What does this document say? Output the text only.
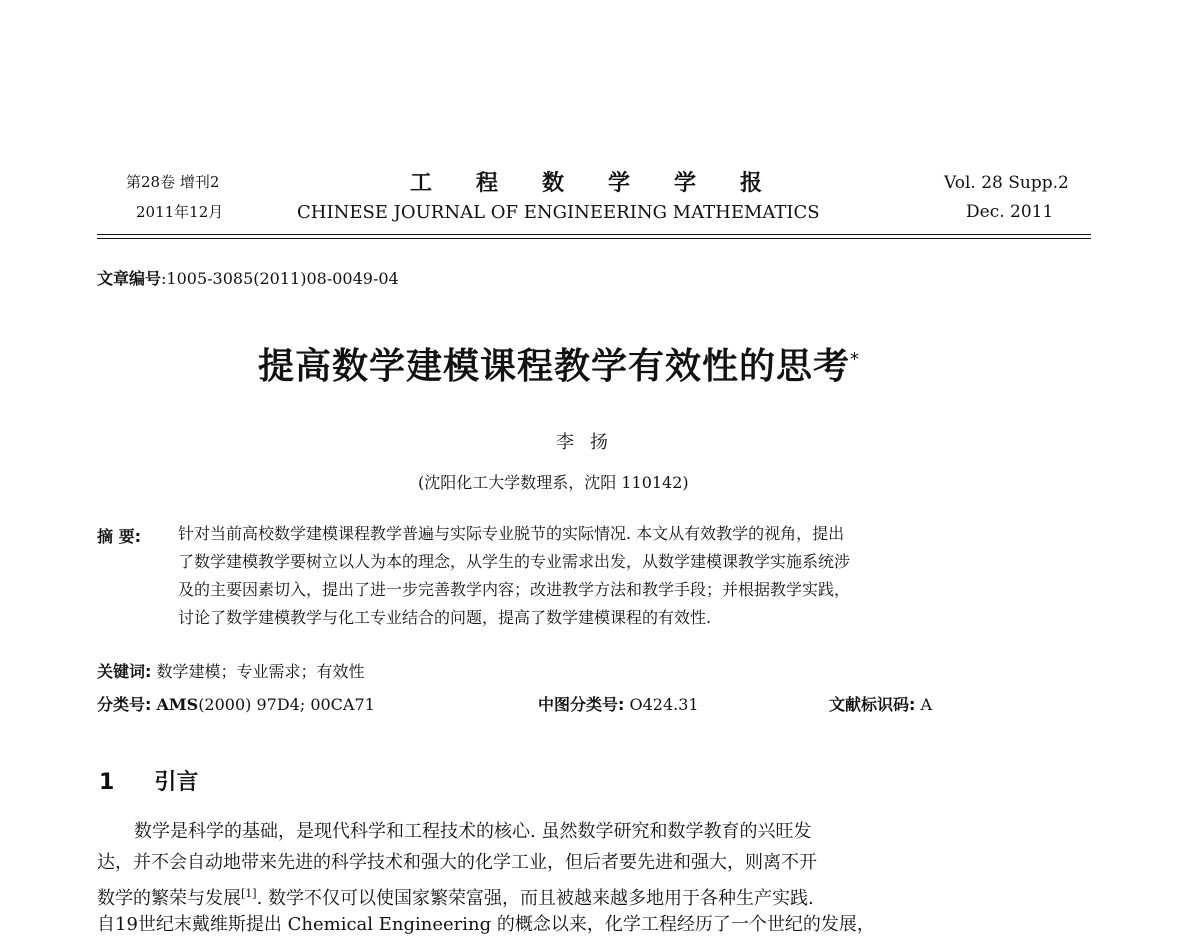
第28卷 增刊2
2011年12月
工 程 数 学 学 报
CHINESE JOURNAL OF ENGINEERING MATHEMATICS
Vol. 28 Supp.2
Dec. 2011
文章编号:1005-3085(2011)08-0049-04
提高数学建模课程教学有效性的思考*
李扬
(沈阳化工大学数理系，沈阳 110142)
摘 要: 针对当前高校数学建模课程教学普遍与实际专业脱节的实际情况. 本文从有效教学的视角，提出
了数学建模教学要树立以人为本的理念，从学生的专业需求出发，从数学建模课教学实施系统涉
及的主要因素切入，提出了进一步完善教学内容；改进教学方法和教学手段；并根据教学实践，
讨论了数学建模教学与化工专业结合的问题，提高了数学建模课程的有效性.
关键词: 数学建模；专业需求；有效性
分类号: AMS(2000) 97D4; 00CA71	中图分类号: O424.31	文献标识码: A
1 引言
数学是科学的基础，是现代科学和工程技术的核心. 虽然数学研究和数学教育的兴旺发
达，并不会自动地带来先进的科学技术和强大的化学工业，但后者要先进和强大，则离不开
数学的繁荣与发展[1]. 数学不仅可以使国家繁荣富强，而且被越来越多地用于各种生产实践.
自19世纪末戴维斯提出 Chemical Engineering 的概念以来，化学工程经历了一个世纪的发展，
